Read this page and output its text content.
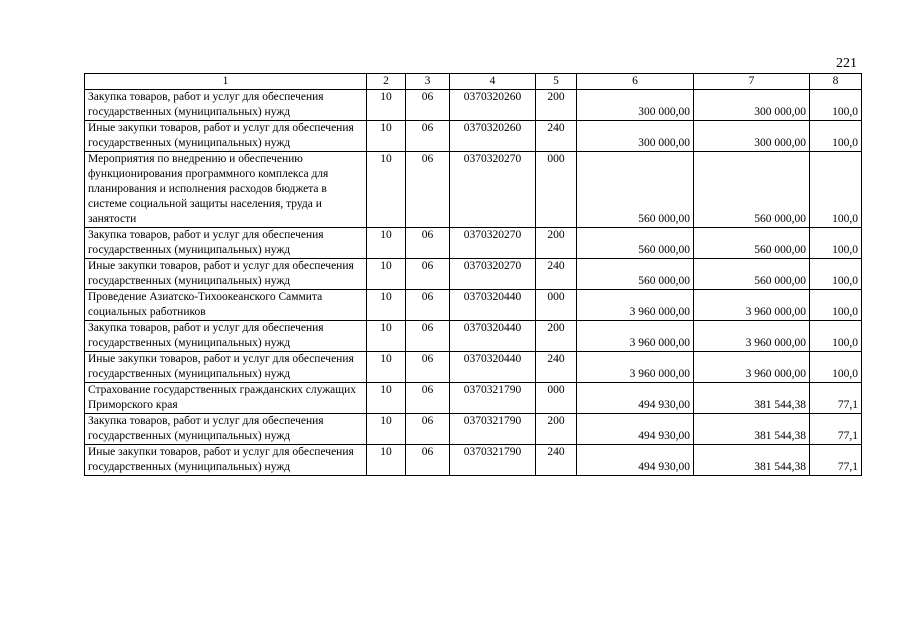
221
1	2	3	4	5	6	7	8
Закупка товаров, работ и услуг для обеспечения государственных (муниципальных) нужд	10	06	0370320260	200	300 000,00	300 000,00	100,0
Иные закупки товаров, работ и услуг для обеспечения государственных (муниципальных) нужд	10	06	0370320260	240	300 000,00	300 000,00	100,0
Мероприятия по внедрению и обеспечению функционирования программного комплекса для планирования и исполнения расходов бюджета в системе социальной защиты населения, труда и занятости	10	06	0370320270	000	560 000,00	560 000,00	100,0
Закупка товаров, работ и услуг для обеспечения государственных (муниципальных) нужд	10	06	0370320270	200	560 000,00	560 000,00	100,0
Иные закупки товаров, работ и услуг для обеспечения государственных (муниципальных) нужд	10	06	0370320270	240	560 000,00	560 000,00	100,0
Проведение Азиатско-Тихоокеанского Саммита социальных работников	10	06	0370320440	000	3 960 000,00	3 960 000,00	100,0
Закупка товаров, работ и услуг для обеспечения государственных (муниципальных) нужд	10	06	0370320440	200	3 960 000,00	3 960 000,00	100,0
Иные закупки товаров, работ и услуг для обеспечения государственных (муниципальных) нужд	10	06	0370320440	240	3 960 000,00	3 960 000,00	100,0
Страхование государственных гражданских служащих Приморского края	10	06	0370321790	000	494 930,00	381 544,38	77,1
Закупка товаров, работ и услуг для обеспечения государственных (муниципальных) нужд	10	06	0370321790	200	494 930,00	381 544,38	77,1
Иные закупки товаров, работ и услуг для обеспечения государственных (муниципальных) нужд	10	06	0370321790	240	494 930,00	381 544,38	77,1
